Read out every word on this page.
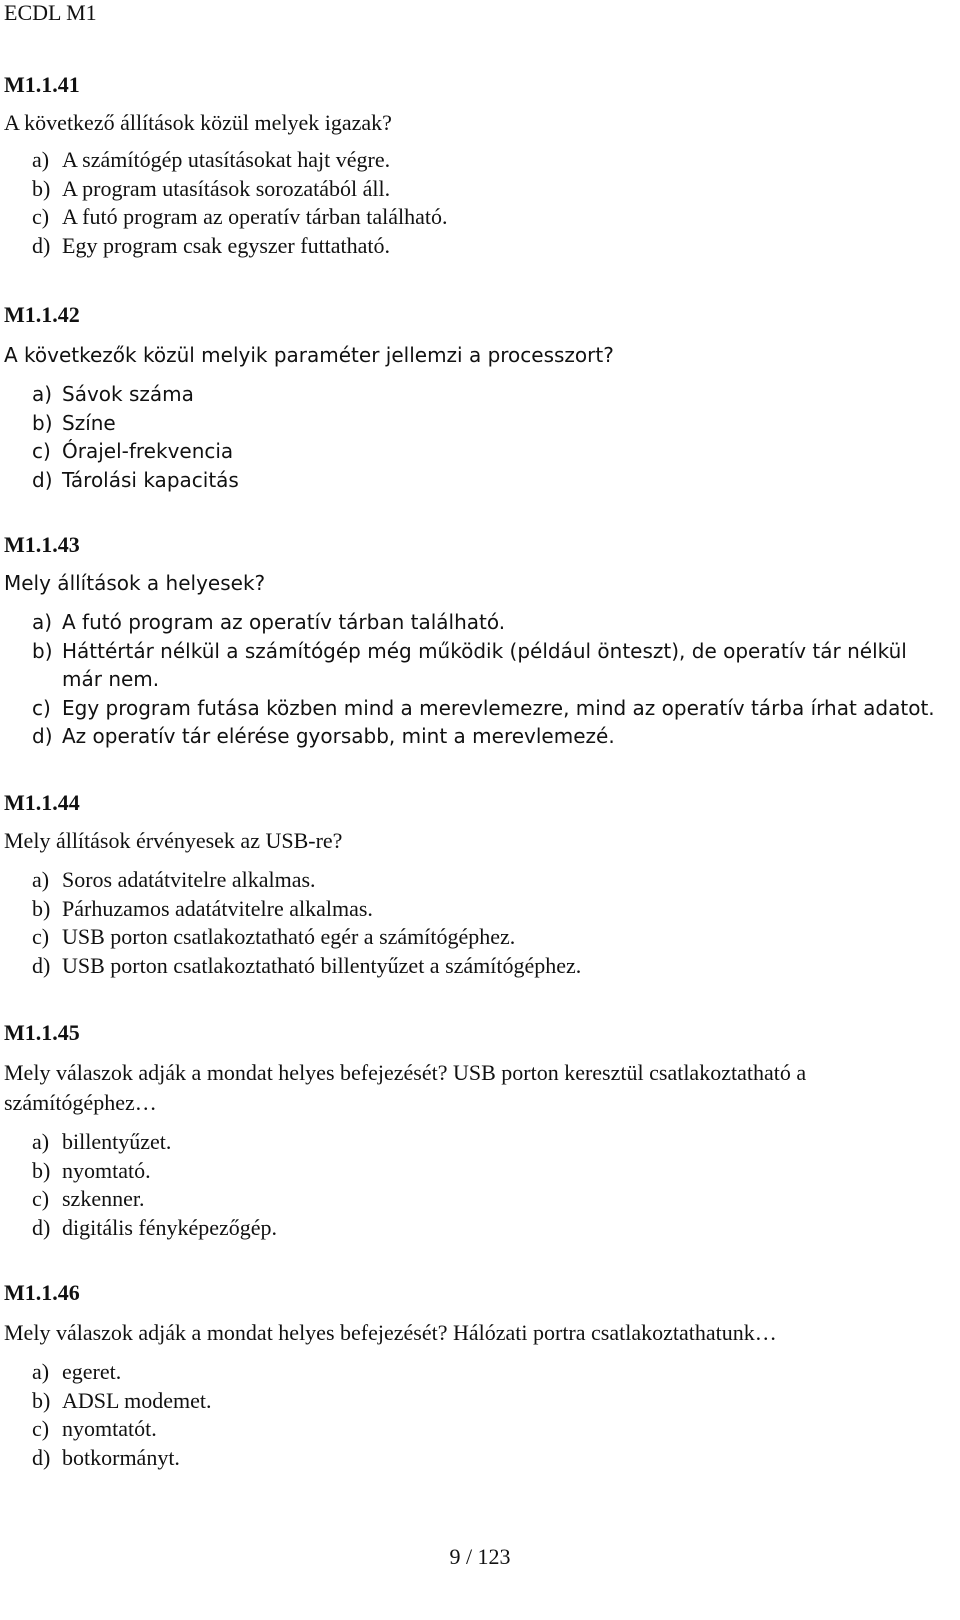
ECDL M1

M1.1.41

A következő állítások közül melyek igazak?

a) A számítógép utasításokat hajt végre.
b) A program utasítások sorozatából áll.
c) A futó program az operatív tárban található.
d) Egy program csak egyszer futtatható.

M1.1.42

A következők közül melyik paraméter jellemzi a processzort?

a) Sávok száma
b) Színe
c) Órajel-frekvencia
d) Tárolási kapacitás

M1.1.43

Mely állítások a helyesek?

a) A futó program az operatív tárban található.
b) Háttértár nélkül a számítógép még működik (például önteszt), de operatív tár nélkül már nem.
c) Egy program futása közben mind a merevlemezre, mind az operatív tárba írhat adatot.
d) Az operatív tár elérése gyorsabb, mint a merevlemezé.

M1.1.44

Mely állítások érvényesek az USB-re?

a) Soros adatátvitelre alkalmas.
b) Párhuzamos adatátvitelre alkalmas.
c) USB porton csatlakoztatható egér a számítógéphez.
d) USB porton csatlakoztatható billentyűzet a számítógéphez.

M1.1.45

Mely válaszok adják a mondat helyes befejezését? USB porton keresztül csatlakoztatható a számítógéphez…

a) billentyűzet.
b) nyomtató.
c) szkenner.
d) digitális fényképezőgép.

M1.1.46

Mely válaszok adják a mondat helyes befejezését? Hálózati portra csatlakoztathatunk…

a) egeret.
b) ADSL modemet.
c) nyomtatót.
d) botkormányt.
9 / 123
